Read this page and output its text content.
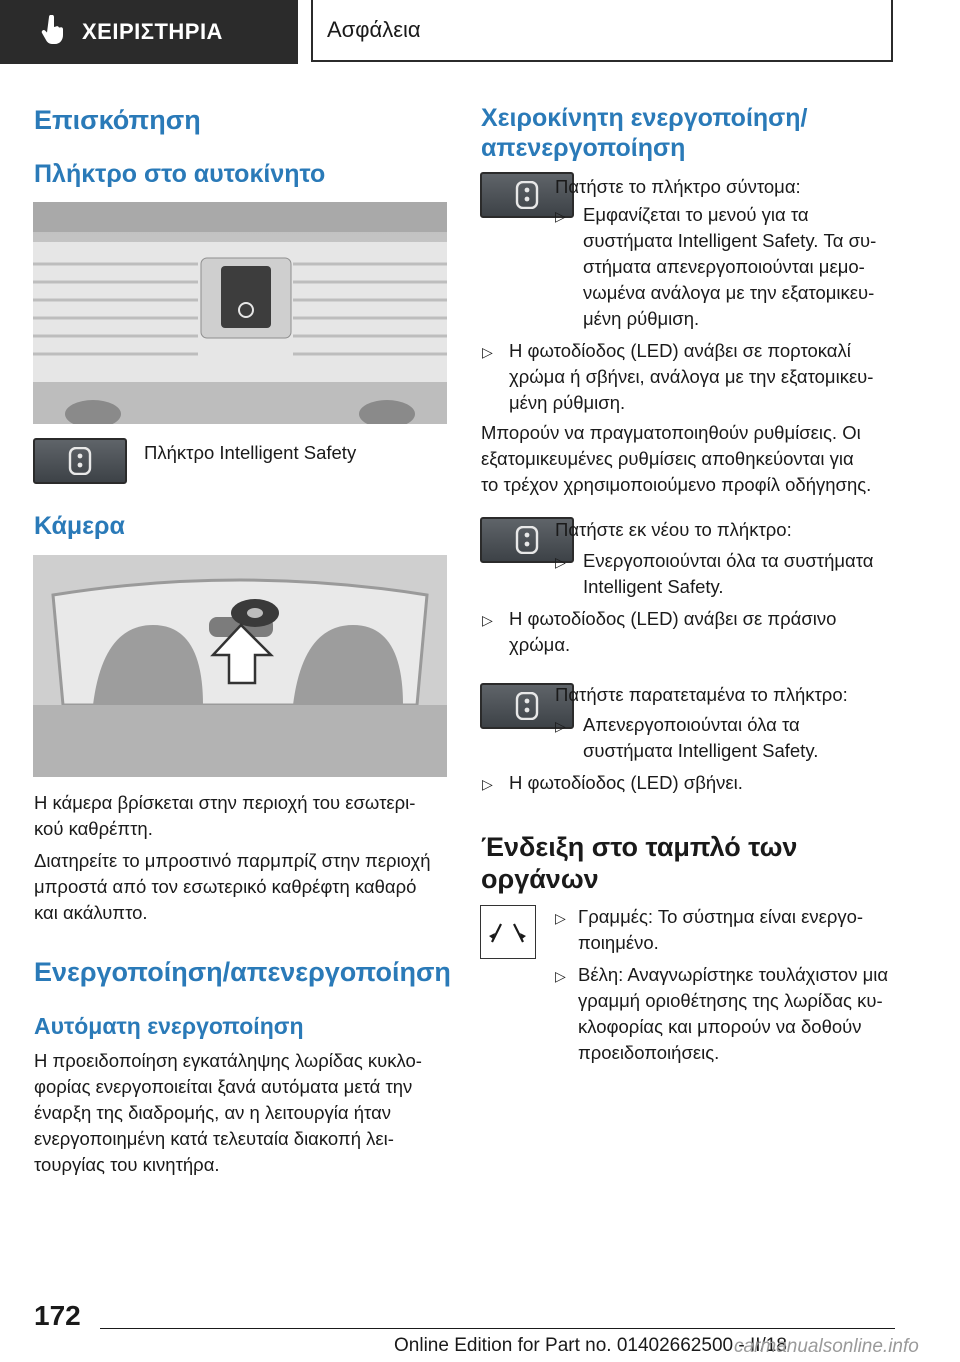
ΧΕΙΡΙΣΤΗΡΙΑ	Ασφάλεια
Επισκόπηση
Πλήκτρο στο αυτοκίνητο

Πλήκτρο Intelligent Safety

Κάμερα

Η κάμερα βρίσκεται στην περιοχή του εσωτερι-

κού καθρέπτη.

Διατηρείτε το μπροστινό παρμπρίζ στην περιοχή

μπροστά από τον εσωτερικό καθρέφτη καθαρό

και ακάλυπτο.

Ενεργοποίηση/απενεργοποίηση
Αυτόματη ενεργοποίηση

Η προειδοποίηση εγκατάληψης λωρίδας κυκλο-

φορίας ενεργοποιείται ξανά αυτόματα μετά την

έναρξη της διαδρομής, αν η λειτουργία ήταν

ενεργοποιημένη κατά τελευταία διακοπή λει-

τουργίας του κινητήρα.

Χειροκίνητη ενεργοποίηση/
απενεργοποίηση

Πατήστε το πλήκτρο σύντομα:

▷ Εμφανίζεται το μενού για τα

συστήματα Intelligent Safety. Τα συ-

στήματα απενεργοποιούνται μεμο-

νωμένα ανάλογα με την εξατομικευ-

μένη ρύθμιση.

▷ Η φωτοδίοδος (LED) ανάβει σε πορτοκαλί

χρώμα ή σβήνει, ανάλογα με την εξατομικευ-

μένη ρύθμιση.

Μπορούν να πραγματοποιηθούν ρυθμίσεις. Οι

εξατομικευμένες ρυθμίσεις αποθηκεύονται για

το τρέχον χρησιμοποιούμενο προφίλ οδήγησης.

Πατήστε εκ νέου το πλήκτρο:

▷ Ενεργοποιούνται όλα τα συστήματα

Intelligent Safety.

▷ Η φωτοδίοδος (LED) ανάβει σε πράσινο

χρώμα.

Πατήστε παρατεταμένα το πλήκτρο:

▷ Απενεργοποιούνται όλα τα

συστήματα Intelligent Safety.

▷ Η φωτοδίοδος (LED) σβήνει.

Ένδειξη στο ταμπλό των
οργάνων
▷ Γραμμές: Το σύστημα είναι ενεργο-

ποιημένο.

▷ Βέλη: Αναγνωρίστηκε τουλάχιστον μια

γραμμή οριοθέτησης της λωρίδας κυ-

κλοφορίας και μπορούν να δοθούν

προειδοποιήσεις.

172
Online Edition for Part no. 01402662500 - II/18
carmanualsonline.info
